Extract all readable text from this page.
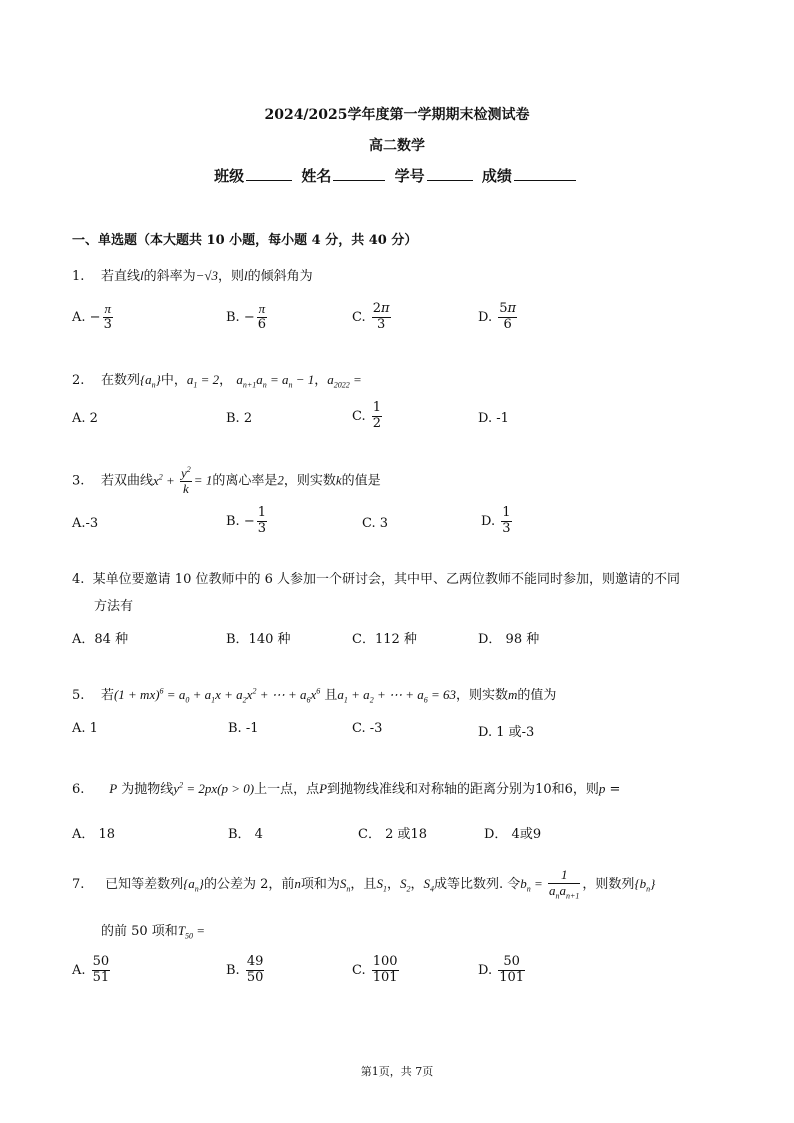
2024/2025学年度第一学期期末检测试卷
高二数学
班级	姓名	学号	成绩
一、单选题（本大题共 10 小题，每小题 4 分，共 40 分）
1. 若直线l的斜率为−√3，则l的倾斜角为
A. − $\frac{\pi}{3}$	B. − $\frac{\pi}{6}$	C. $\frac{2\pi}{3}$	D. $\frac{5\pi}{6}$
2. 在数列$\{a_n\}$中，$a_1 = 2$， $a_{n+1}a_n = a_n - 1$，$a_{2022}$ =
A. 2	B. 2	C. $\frac{1}{2}$	D. -1
3. 若双曲线$x^2 + \frac{y^2}{k} = 1$的离心率是2，则实数k的值是
A.-3	B. − $\frac{1}{3}$	C. 3	D. $\frac{1}{3}$
4. 某单位要邀请 10 位教师中的 6 人参加一个研讨会，其中甲、乙两位教师不能同时参加，则邀请的不同
方法有
A．84 种	B．140 种	C．112 种	D． 98 种
5. 若$(1 + mx)^6 = a_0 + a_1x + a_2x^2$ + ⋯ + $a_6x^6$ 且$a_1 + a_2$ + ⋯ + $a_6 = 63$，则实数m的值为
A. 1	B. -1	C. -3	D. 1 或-3
6. P 为抛物线$y^2 = 2px(p > 0)$上一点，点P到抛物线准线和对称轴的距离分别为10和6，则p =
A． 18	B． 4	C． 2 或18	D． 4或9
7. 已知等差数列$\{a_n\}$的公差为 2，前n项和为$S_n$，且$S_1$，$S_2$，$S_4$成等比数列. 令$b_n = \frac{1}{a_na_{n+1}}$ ，则数列$\{b_n\}$
的前 50 项和$T_{50}$ =
A. $\frac{50}{51}$	B. $\frac{49}{50}$	C. $\frac{100}{101}$	D. $\frac{50}{101}$
第1页，共 7页
